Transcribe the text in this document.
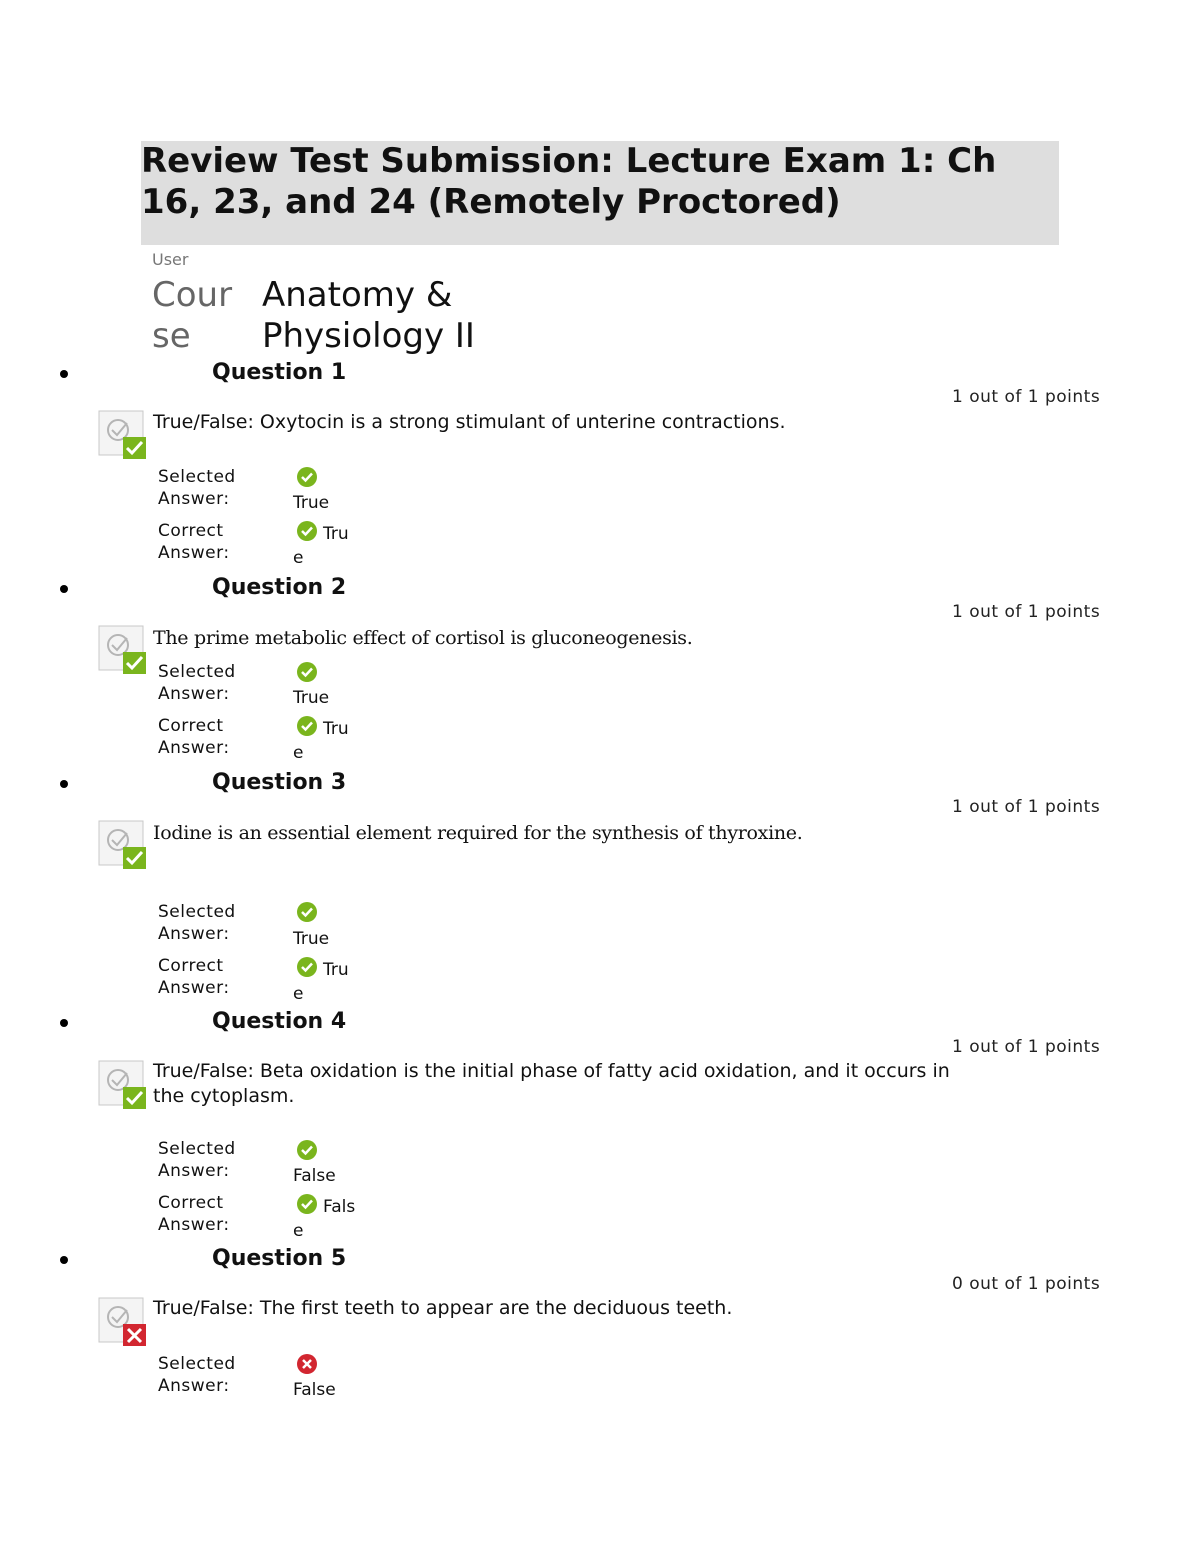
Review Test Submission: Lecture Exam 1: Ch 16, 23, and 24 (Remotely Proctored)
User
Course
Anatomy & Physiology II
Question 1
1 out of 1 points
True/False: Oxytocin is a strong stimulant of unterine contractions.
Selected Answer:	True
Correct Answer:
True
Question 2
1 out of 1 points
The prime metabolic effect of cortisol is gluconeogenesis.
Selected Answer:	True
Correct Answer:
True
Question 3
1 out of 1 points
Iodine is an essential element required for the synthesis of thyroxine.
Selected Answer:	True
Correct Answer:
True
Question 4
1 out of 1 points
True/False: Beta oxidation is the initial phase of fatty acid oxidation, and it occurs in the cytoplasm.
Selected Answer:	False
Correct Answer:
False
Question 5
0 out of 1 points
True/False: The first teeth to appear are the deciduous teeth.
Selected Answer:	False
